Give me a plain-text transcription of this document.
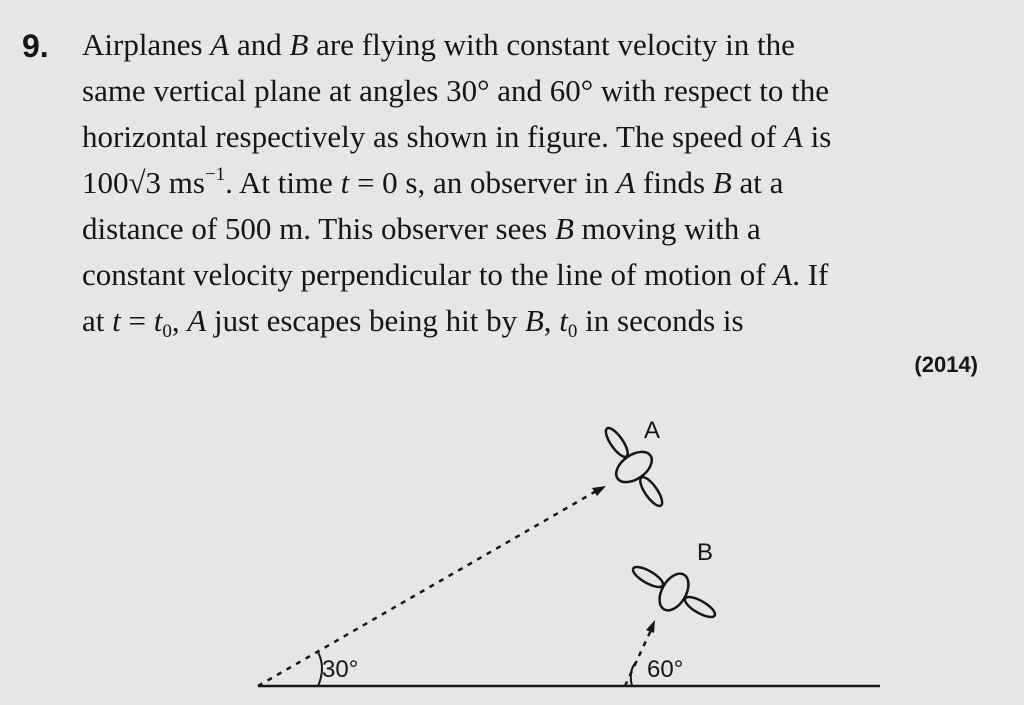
9. Airplanes A and B are flying with constant velocity in the
same vertical plane at angles 30° and 60° with respect to the
horizontal respectively as shown in figure. The speed of A is
100√3 $ms^{-1}$. At time t = 0 s, an observer in A finds B at a
distance of 500 m. This observer sees B moving with a
constant velocity perpendicular to the line of motion of A. If
at $t = t_0$, A just escapes being hit by B, $t_0$ in seconds is
(2014)
A
B
30°	60°
